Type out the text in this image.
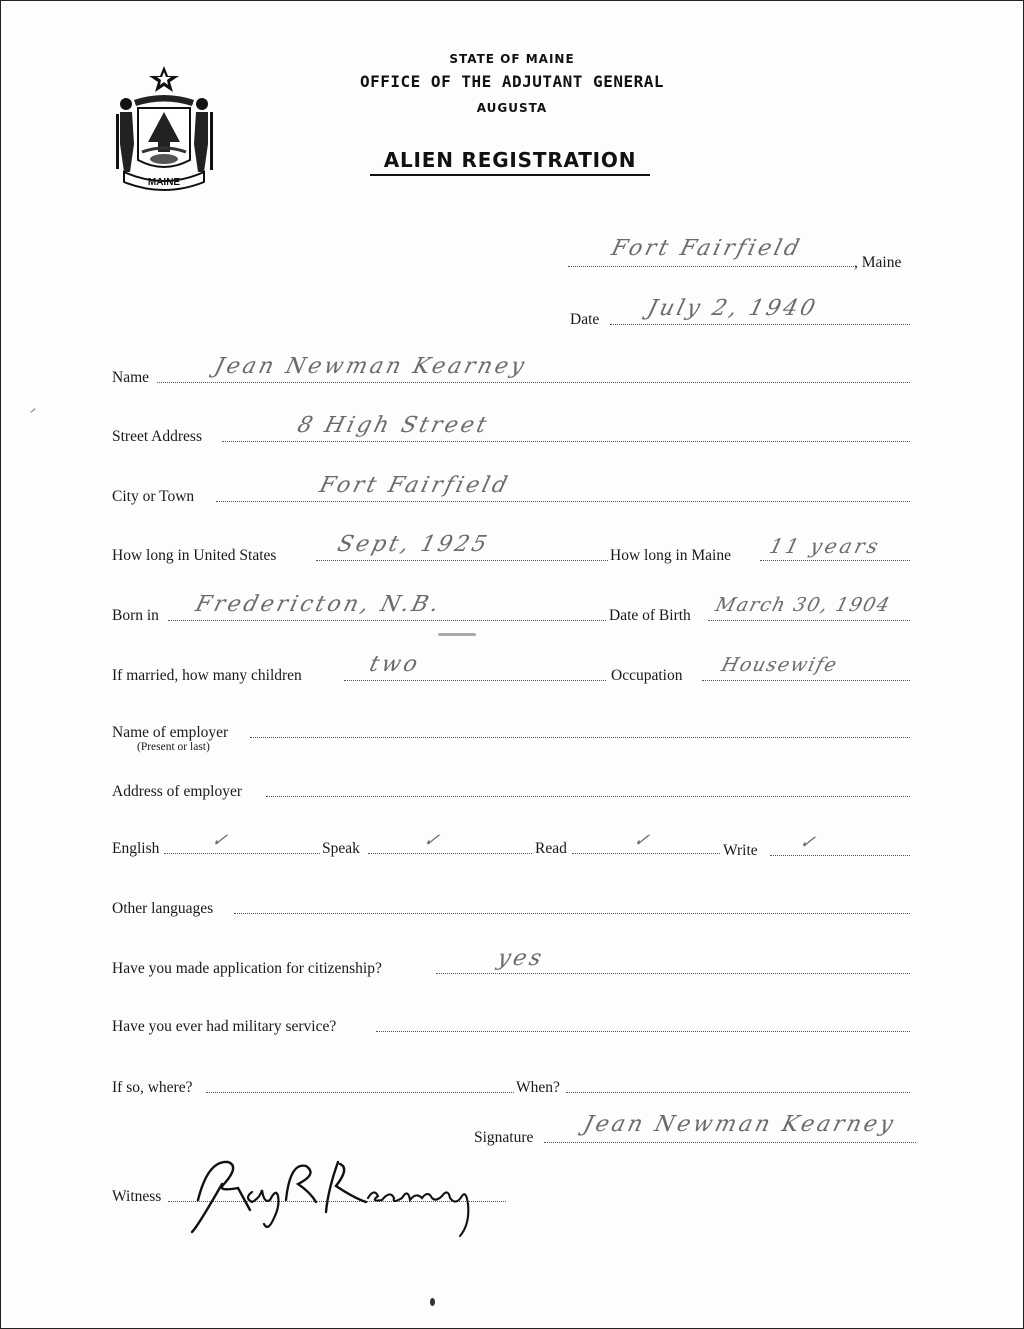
MAINE
STATE OF MAINE
OFFICE OF THE ADJUTANT GENERAL
AUGUSTA
ALIEN REGISTRATION
Fort Fairfield
, Maine
Date July 2, 1940
Name	Jean Newman Kearney
Street Address	8 High Street
City or Town	Fort Fairfield
How long in United States	Sept, 1925	How long in Maine 11 years
Born in Fredericton, N.B.	Date of Birth March 30, 1904
If married, how many children	two	Occupation Housewife
Name of employer
(Present or last)
Address of employer
English	✓	Speak	✓	Read	✓	Write ✓
Other languages
Have you made application for citizenship?	yes
Have you ever had military service?
If so, where?	When?
Signature
Jean Newman Kearney
Witness
